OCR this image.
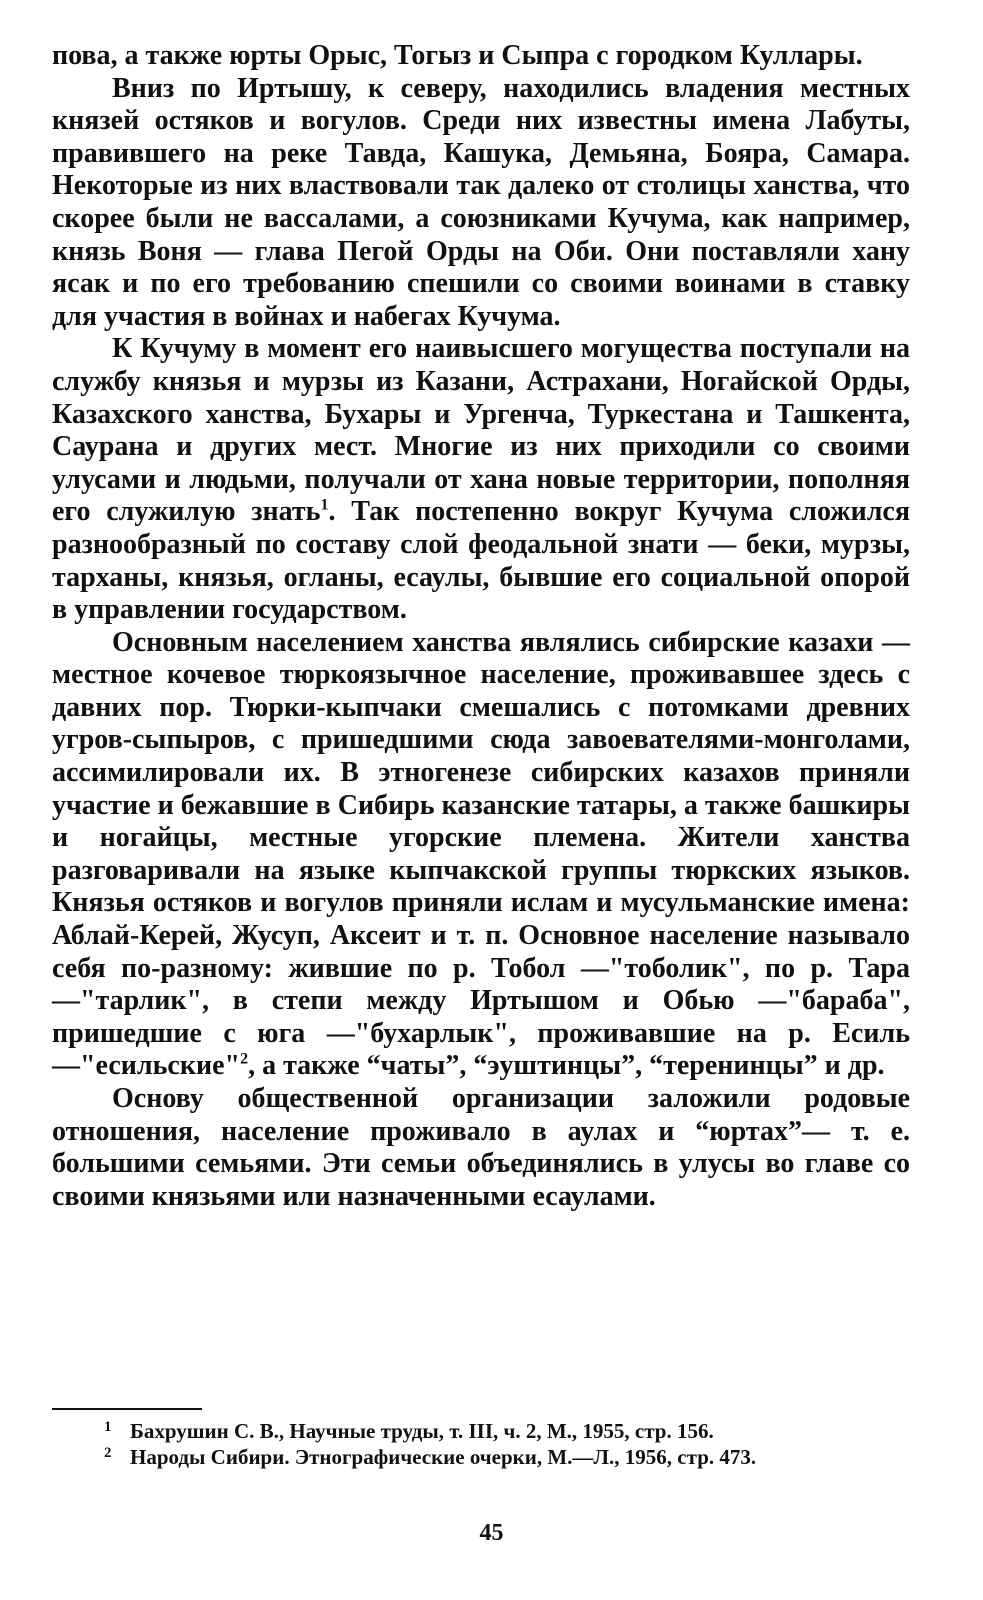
пова, а также юрты Орыс, Тогыз и Сыпра с городком Куллары.

Вниз по Иртышу, к северу, находились владения местных князей остяков и вогулов. Среди них известны имена Лабуты, правившего на реке Тавда, Кашука, Демьяна, Бояра, Самара. Некоторые из них властвовали так далеко от столицы ханства, что скорее были не вассалами, а союзниками Кучума, как например, князь Воня — глава Пегой Орды на Оби. Они поставляли хану ясак и по его требованию спешили со своими воинами в ставку для участия в войнах и набегах Кучума.

К Кучуму в момент его наивысшего могущества поступали на службу князья и мурзы из Казани, Астрахани, Ногайской Орды, Казахского ханства, Бухары и Ургенча, Туркестана и Ташкента, Саурана и других мест. Многие из них приходили со своими улусами и людьми, получали от хана новые территории, пополняя его служилую знать$^1$. Так постепенно вокруг Кучума сложился разнообразный по составу слой феодальной знати — беки, мурзы, тарханы, князья, огланы, есаулы, бывшие его социальной опорой в управлении государством.

Основным населением ханства являлись сибирские казахи — местное кочевое тюркоязычное население, проживавшее здесь с давних пор. Тюрки-кыпчаки смешались с потомками древних угров-сыпыров, с пришедшими сюда завоевателями-монголами, ассимилировали их. В этногенезе сибирских казахов приняли участие и бежавшие в Сибирь казанские татары, а также башкиры и ногайцы, местные угорские племена. Жители ханства разговаривали на языке кыпчакской группы тюркских языков. Князья остяков и вогулов приняли ислам и мусульманские имена: Аблай-Керей, Жусуп, Аксеит и т. п. Основное население называло себя по-разному: жившие по р. Тобол —"тоболик", по р. Тара —"тарлик", в степи между Иртышом и Обью —"бараба", пришедшие с юга —"бухарлык", проживавшие на р. Есиль —"есильские"$^2$, а также “чаты”, “эуштинцы”, “теренинцы” и др.

Основу общественной организации заложили родовые отношения, население проживало в аулах и “юртах”— т. е. большими семьями. Эти семьи объединялись в улусы во главе со своими князьями или назначенными есаулами.

1 Бахрушин С. В., Научные труды, т. III, ч. 2, М., 1955, стр. 156.

2 Народы Сибири. Этнографические очерки, М.—Л., 1956, стр. 473.

45
